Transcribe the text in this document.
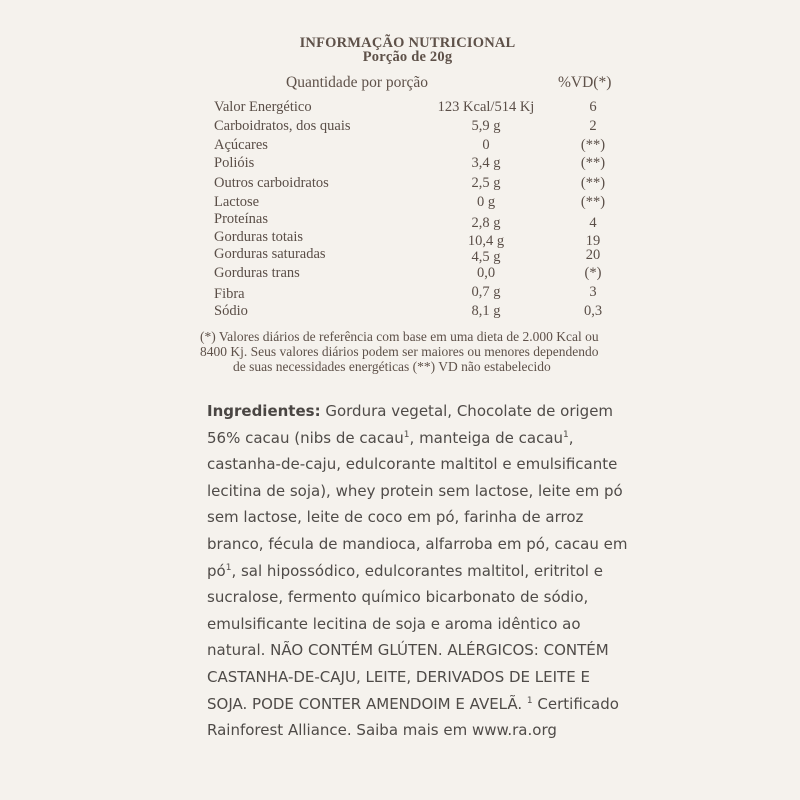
INFORMAÇÃO NUTRICIONAL
Porção de 20g
Quantidade por porção	%VD(*)
Valor Energético	123 Kcal/514 Kj	6
Carboidratos, dos quais	5,9 g	2
Açúcares	0	(**)
Polióis	3,4 g	(**)
Outros carboidratos	2,5 g	(**)
Lactose	0 g	(**)
Proteínas	2,8 g	4
Gorduras totais	10,4 g	19
Gorduras saturadas	4,5 g	20
Gorduras trans	0,0	(*)
Fibra	0,7 g	3
Sódio	8,1 g	0,3
(*) Valores diários de referência com base em uma dieta de 2.000 Kcal ou
8400 Kj. Seus valores diários podem ser maiores ou menores dependendo
de suas necessidades energéticas (**) VD não estabelecido
Ingredientes: Gordura vegetal, Chocolate de origem
56% cacau (nibs de cacau$^1$, manteiga de cacau$^1$,
castanha-de-caju, edulcorante maltitol e emulsificante
lecitina de soja), whey protein sem lactose, leite em pó
sem lactose, leite de coco em pó, farinha de arroz
branco, fécula de mandioca, alfarroba em pó, cacau em
$pó^1$, sal hipossódico, edulcorantes maltitol, eritritol e
sucralose, fermento químico bicarbonato de sódio,
emulsificante lecitina de soja e aroma idêntico ao
natural. NÃO CONTÉM GLÚTEN. ALÉRGICOS: CONTÉM
CASTANHA-DE-CAJU, LEITE, DERIVADOS DE LEITE E
SOJA. PODE CONTER AMENDOIM E AVELÃ. $^1$ Certificado
Rainforest Alliance. Saiba mais em www.ra.org
